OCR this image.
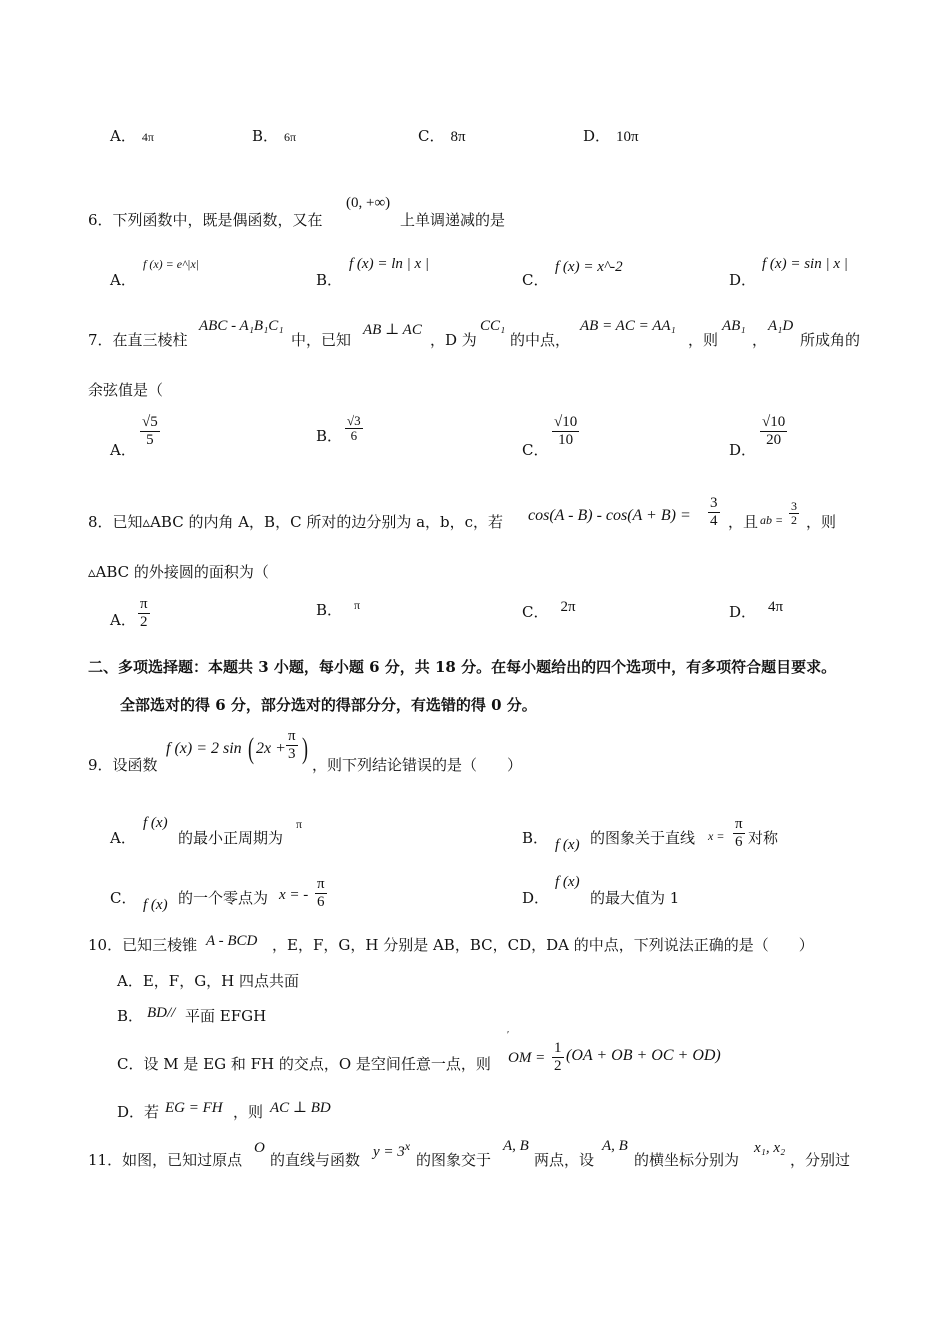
A． 4π	B． 6π	C． 8π	D． 10π
6．下列函数中，既是偶函数，又在
(0, +∞)
上单调递减的是
A．
f (x) = e^|x|
B．
f (x) = ln | x |
C．
f (x) = x^-2
D．
f (x) = sin | x |
7．在直三棱柱
ABC - A₁B₁C₁
中，已知
AB ⊥ AC
，D 为
CC₁
的中点，
AB = AC = AA₁
，则
AB₁
，
A₁D
所成角的
余弦值是（
A．
$\frac{√5}{5}$	B． $\frac{√3}{6}$
C．
$\frac{√10}{10}$
D．
$\frac{√10}{20}$
8．已知▵ABC 的内角 A，B，C 所对的边分别为 a，b，c，若 $\cos(A - B) - \cos(A + B) = \frac{3}{4}$ ，且 ab = $\frac{3}{2}$ ，则
▵ABC 的外接圆的面积为（
A． $\frac{\pi}{2}$	B． $^\pi$	C． 2π	D． 4π
二、多项选择题：本题共 3 小题，每小题 6 分，共 18 分。在每小题给出的四个选项中，有多项符合题目要求。
全部选对的得 6 分，部分选对的得部分分，有选错的得 0 分。
9．设函数
f (x) = 2 sin ( $2x + \frac{\pi}{3}$ ) ，则下列结论错误的是（　　）
A．
f (x)
的最小正周期为
π
B． f (x) 的图象关于直线 $x = \frac{\pi}{6}$ 对称
C． f (x) 的一个零点为 x = - $\frac{\pi}{6}$	D．
f (x)
的最大值为 1
10．已知三棱锥 A - BCD ，E，F，G，H 分别是 AB，BC，CD，DA 的中点，下列说法正确的是（　　）
A．E，F，G，H 四点共面
B． BD// 平面 EFGH
C．设 M 是 EG 和 FH 的交点，O 是空间任意一点，则
′
OM = $\frac{1}{2} (OA$ + OB + OC + OD)
D．若 EG = FH ，则 AC ⊥ BD
11．如图，已知过原点
O
的直线与函数 $y = 3^x$
的图象交于
A, B
两点，设
A, B
的横坐标分别为
x₁, x₂
，分别过
